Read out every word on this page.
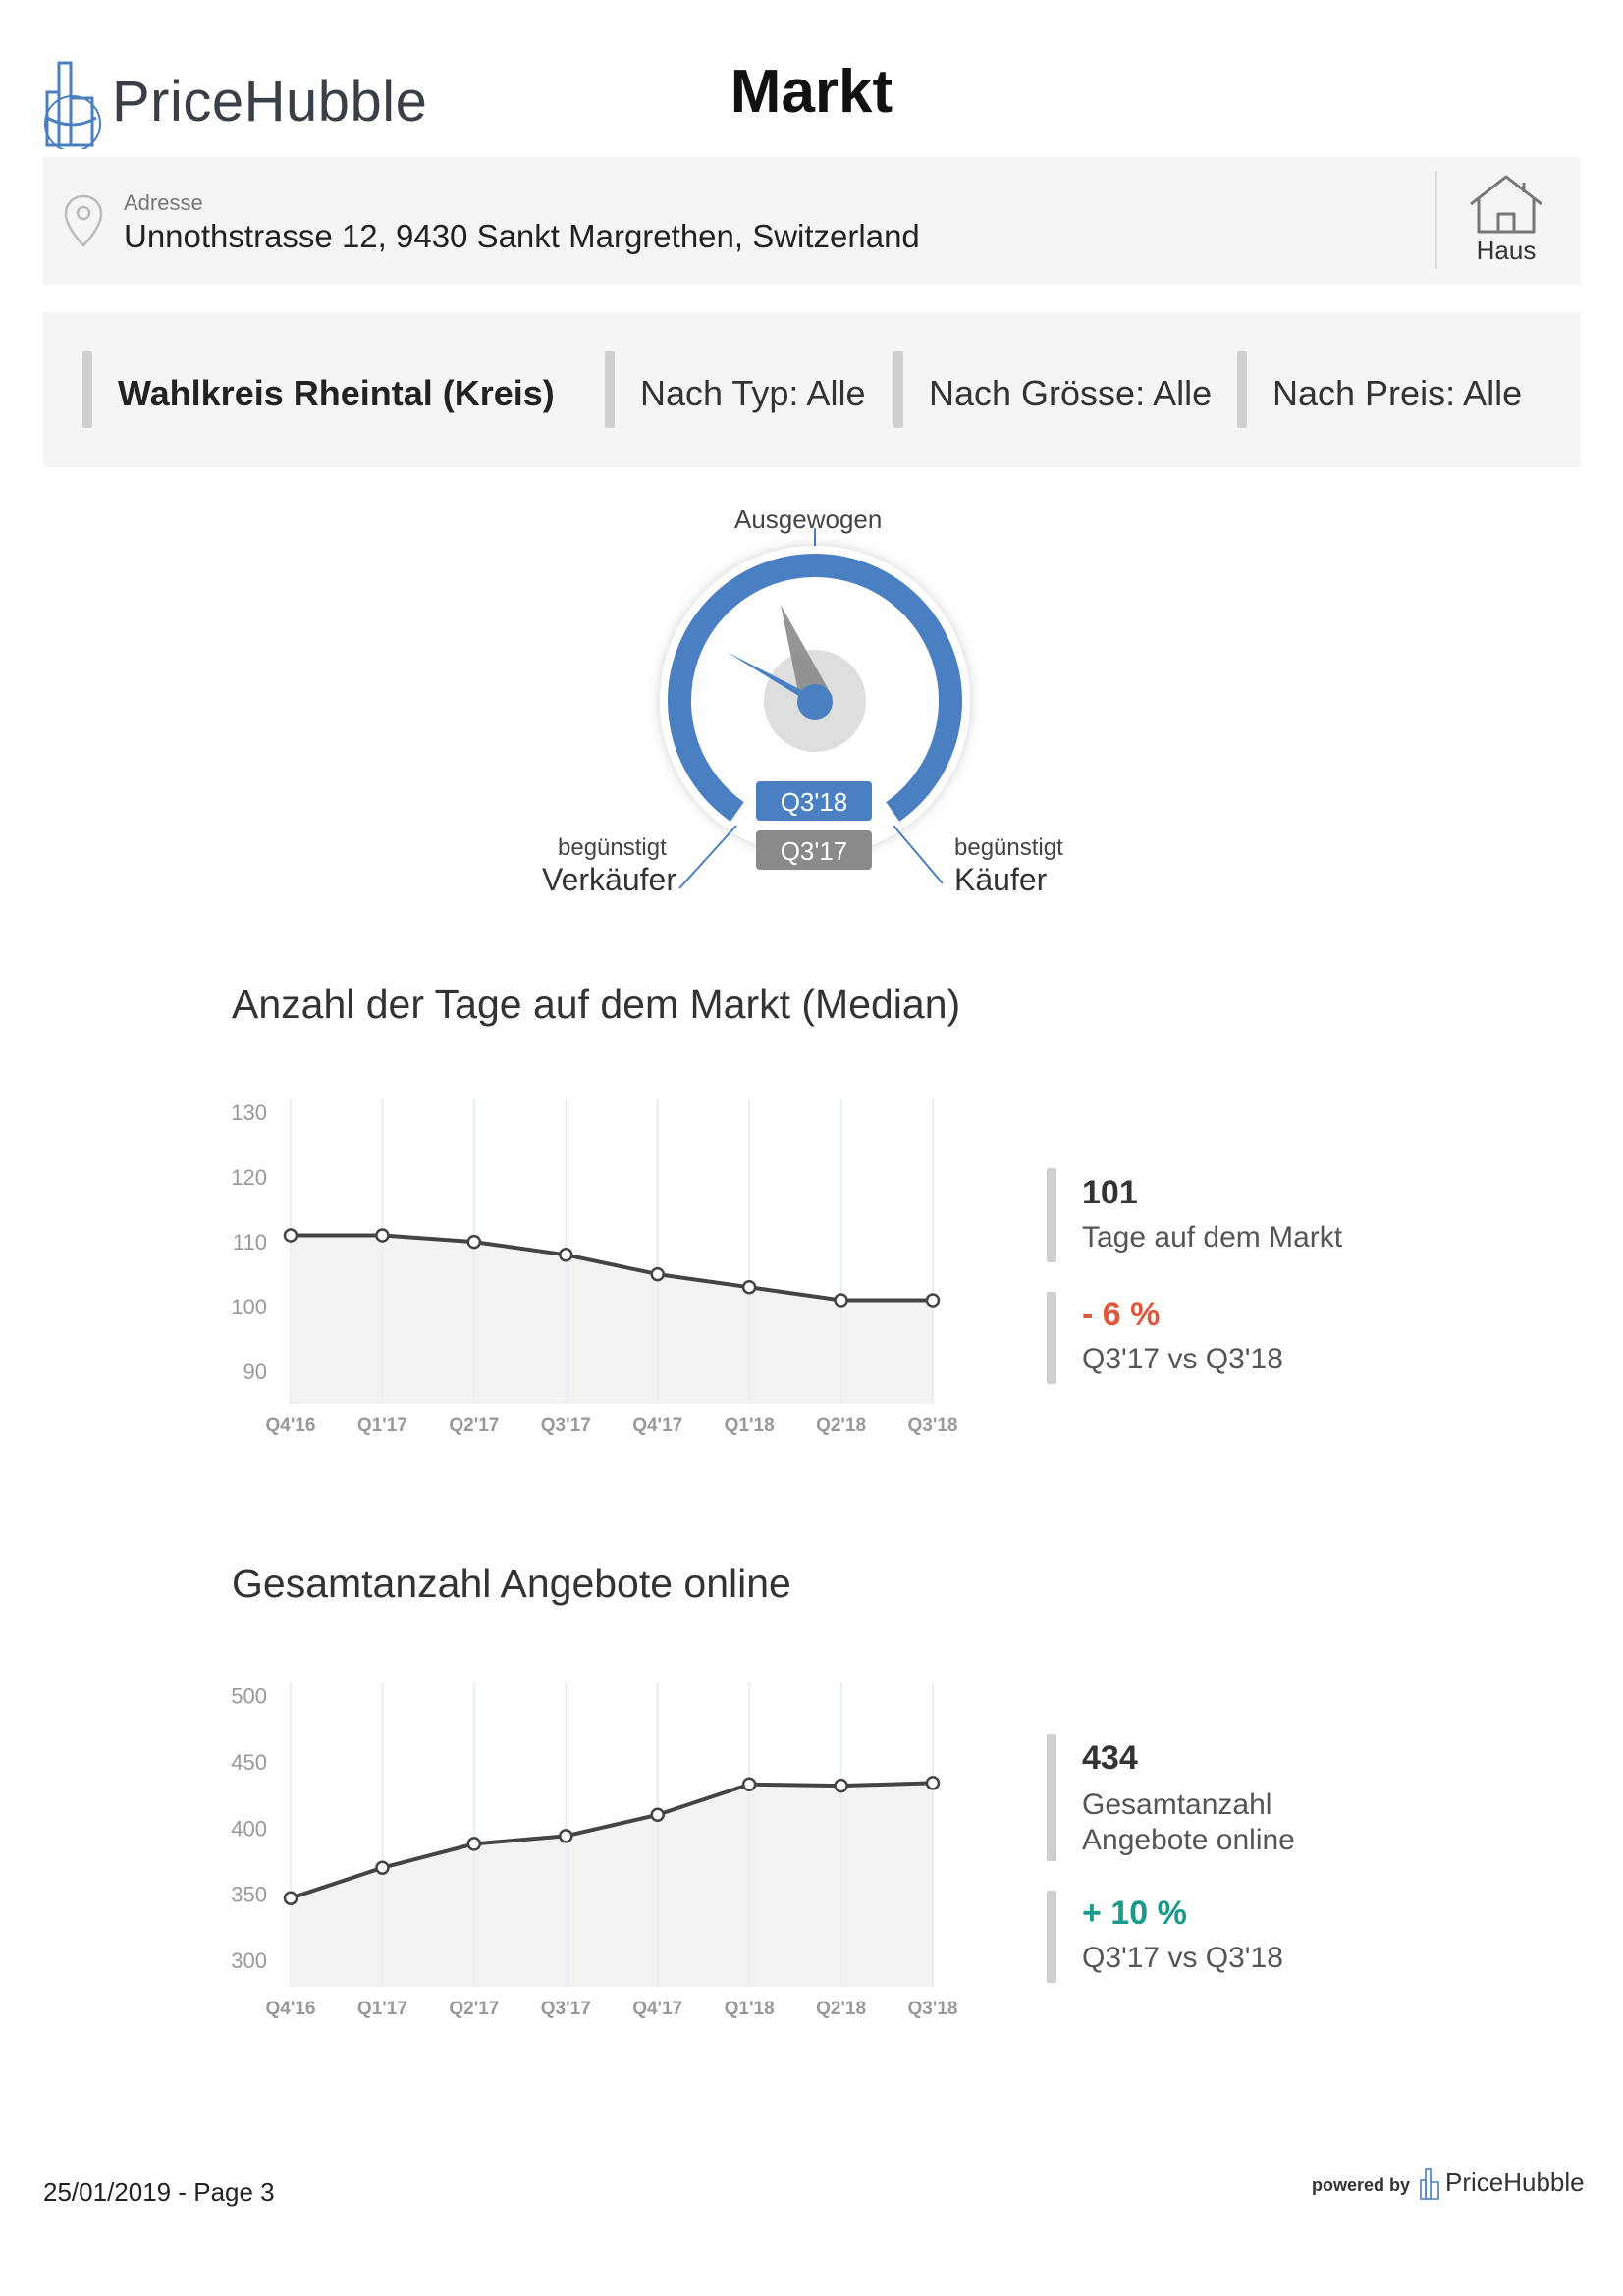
PriceHubble	Markt
Adresse
Unnothstrasse 12, 9430 Sankt Margrethen, Switzerland	Haus
Wahlkreis Rheintal (Kreis) Nach Typ: Alle Nach Grösse: Alle Nach Preis: Alle
Q3'18
Q3'17
Ausgewogen
begünstigt
Verkäufer
begünstigt
Käufer
Anzahl der Tage auf dem Markt (Median)
90
100
110
120
130
Q4'16 Q1'17 Q2'17 Q3'17 Q4'17 Q1'18 Q2'18 Q3'18
101
Tage auf dem Markt
- 6 %
Q3'17 vs Q3'18
Gesamtanzahl Angebote online
300
350
400
450
500
Q4'16 Q1'17 Q2'17 Q3'17 Q4'17 Q1'18 Q2'18 Q3'18
434
Gesamtanzahl
Angebote online
+ 10 %
Q3'17 vs Q3'18
25/01/2019 - Page 3	powered by PriceHubble
